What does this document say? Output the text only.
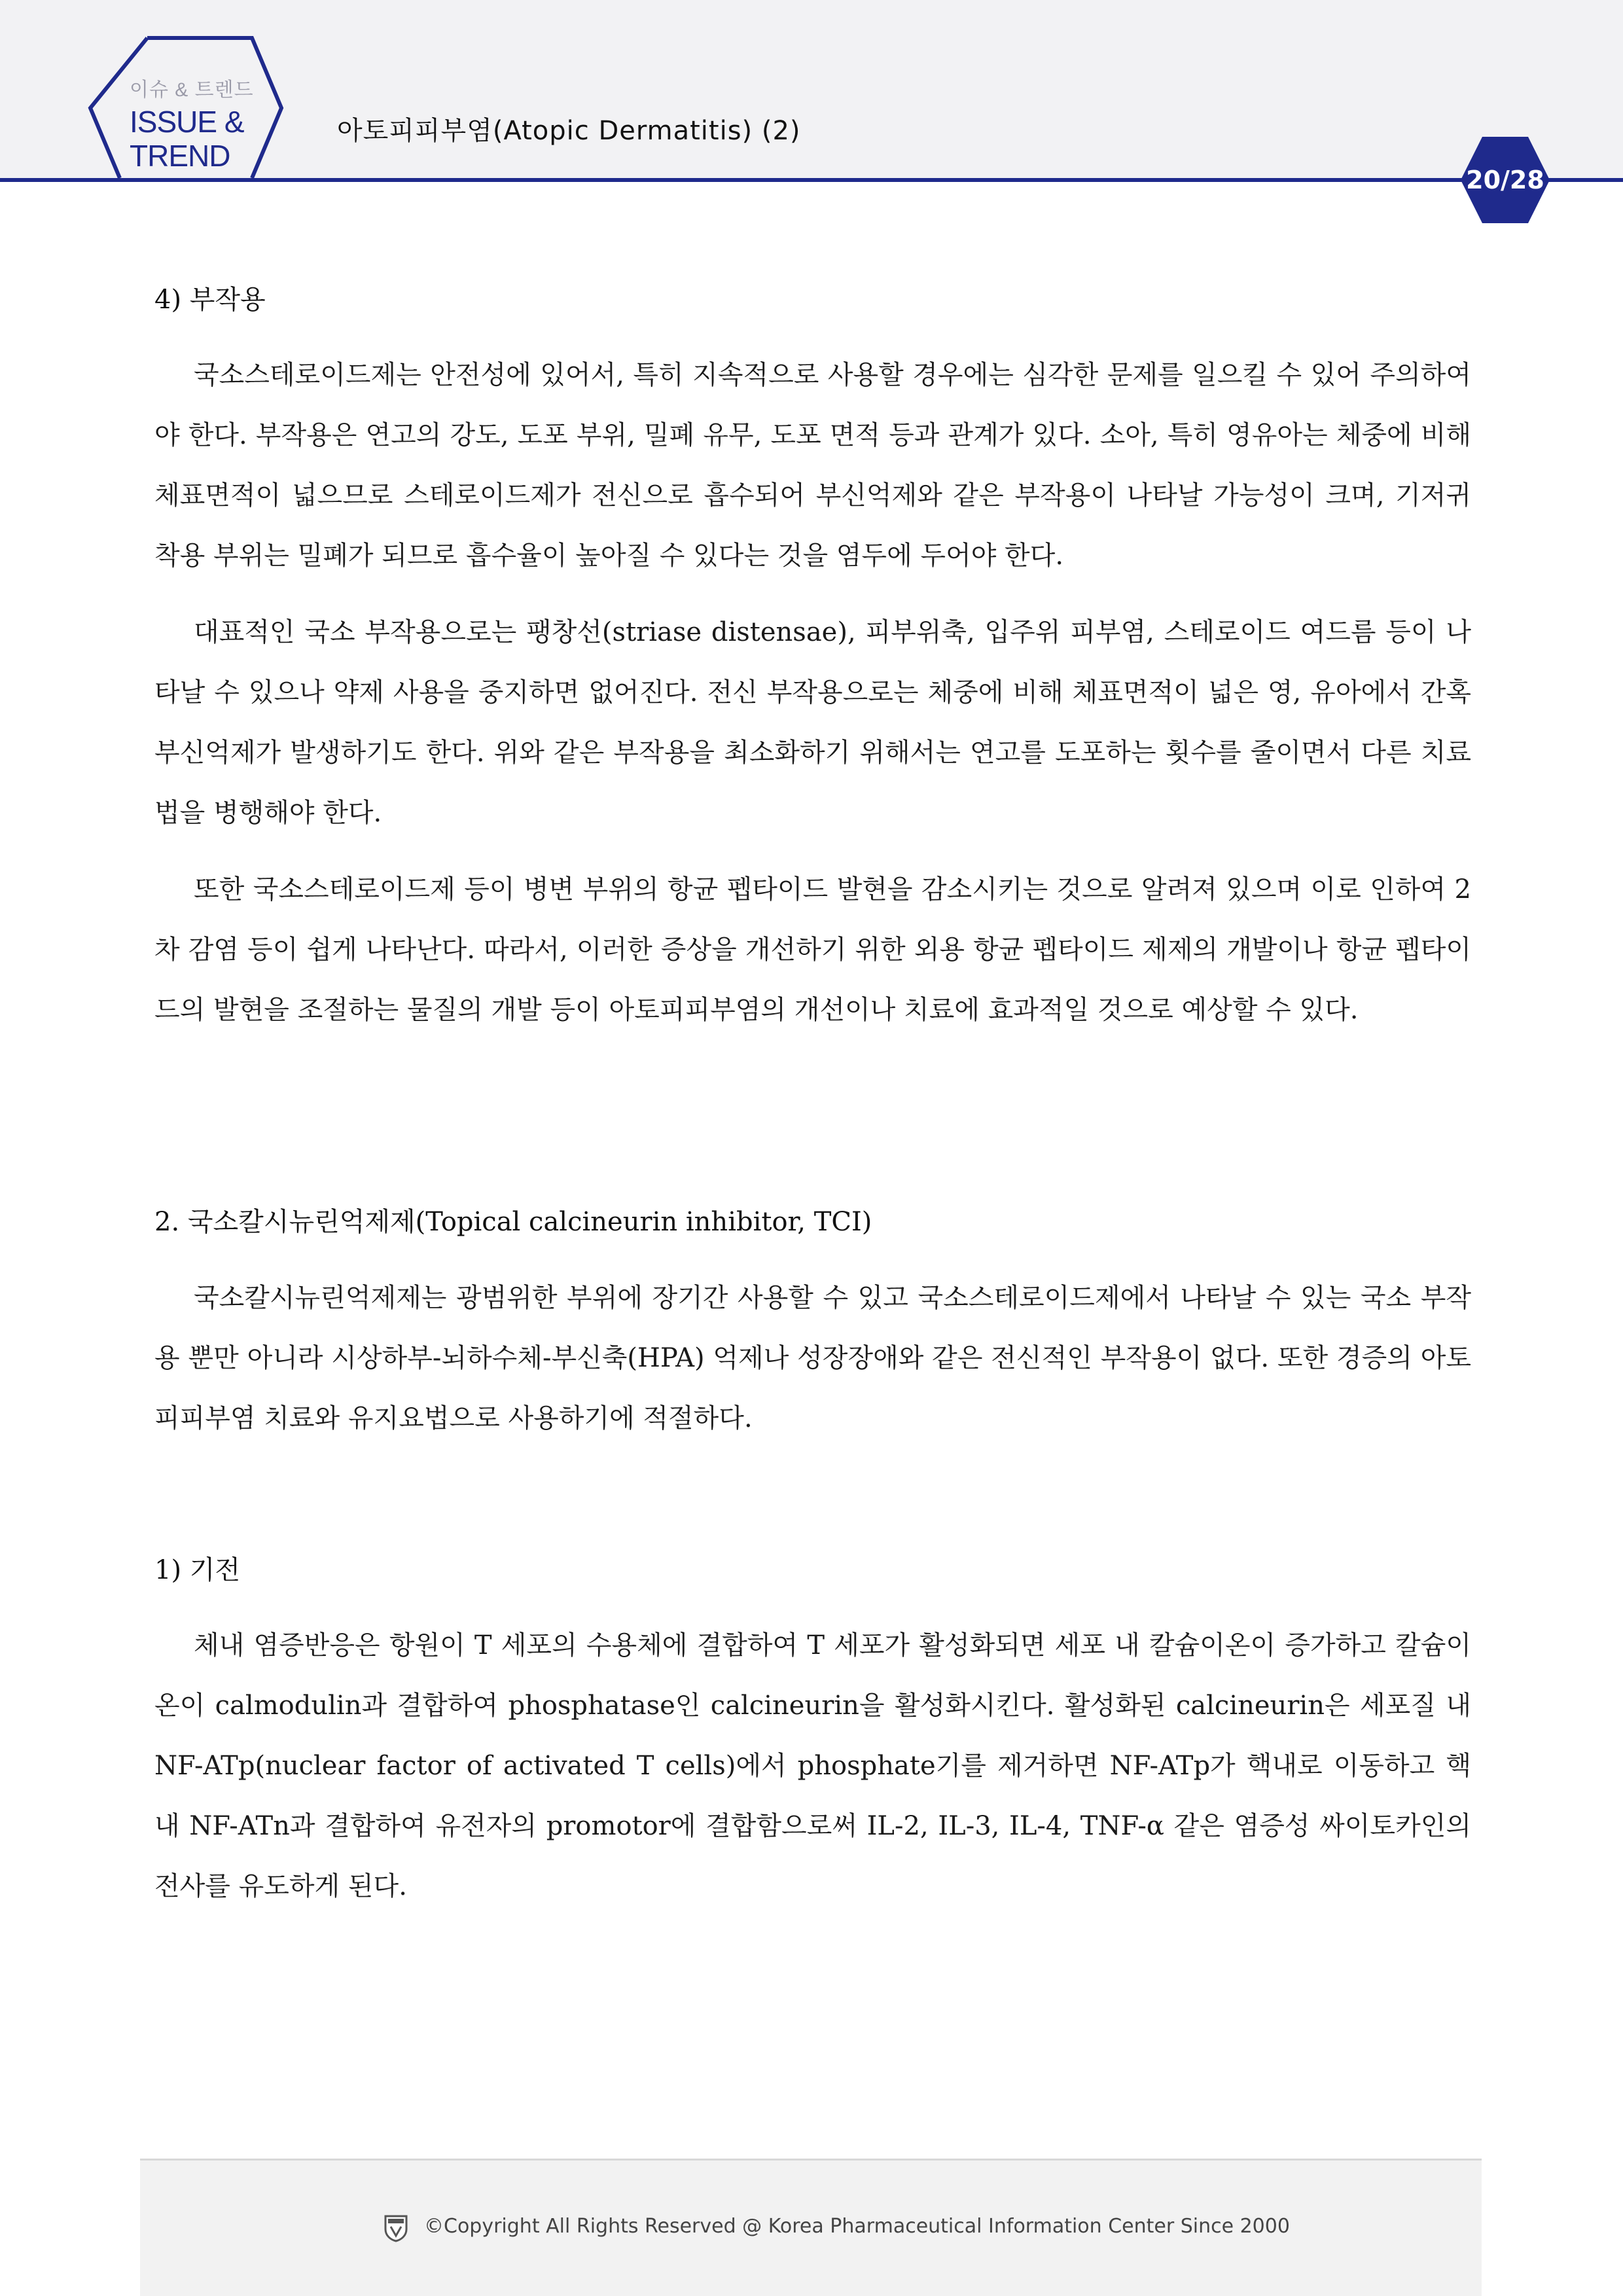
이슈 & 트렌드
ISSUE &
TREND
아토피피부염(Atopic Dermatitis) (2)
20/28
4) 부작용
국소스테로이드제는 안전성에 있어서, 특히 지속적으로 사용할 경우에는 심각한 문제를 일으킬 수 있어 주의하여야 한다. 부작용은 연고의 강도, 도포 부위, 밀폐 유무, 도포 면적 등과 관계가 있다. 소아, 특히 영유아는 체중에 비해 체표면적이 넓으므로 스테로이드제가 전신으로 흡수되어 부신억제와 같은 부작용이 나타날 가능성이 크며, 기저귀 착용 부위는 밀폐가 되므로 흡수율이 높아질 수 있다는 것을 염두에 두어야 한다.
대표적인 국소 부작용으로는 팽창선(striase distensae), 피부위축, 입주위 피부염, 스테로이드 여드름 등이 나타날 수 있으나 약제 사용을 중지하면 없어진다. 전신 부작용으로는 체중에 비해 체표면적이 넓은 영, 유아에서 간혹 부신억제가 발생하기도 한다. 위와 같은 부작용을 최소화하기 위해서는 연고를 도포하는 횟수를 줄이면서 다른 치료법을 병행해야 한다.
또한 국소스테로이드제 등이 병변 부위의 항균 펩타이드 발현을 감소시키는 것으로 알려져 있으며 이로 인하여 2차 감염 등이 쉽게 나타난다. 따라서, 이러한 증상을 개선하기 위한 외용 항균 펩타이드 제제의 개발이나 항균 펩타이드의 발현을 조절하는 물질의 개발 등이 아토피피부염의 개선이나 치료에 효과적일 것으로 예상할 수 있다.
2. 국소칼시뉴린억제제(Topical calcineurin inhibitor, TCI)
국소칼시뉴린억제제는 광범위한 부위에 장기간 사용할 수 있고 국소스테로이드제에서 나타날 수 있는 국소 부작용 뿐만 아니라 시상하부-뇌하수체-부신축(HPA) 억제나 성장장애와 같은 전신적인 부작용이 없다. 또한 경증의 아토피피부염 치료와 유지요법으로 사용하기에 적절하다.
1) 기전
체내 염증반응은 항원이 T 세포의 수용체에 결합하여 T 세포가 활성화되면 세포 내 칼슘이온이 증가하고 칼슘이온이 calmodulin과 결합하여 phosphatase인 calcineurin을 활성화시킨다. 활성화된 calcineurin은 세포질 내 NF-ATp(nuclear factor of activated T cells)에서 phosphate기를 제거하면 NF-ATp가 핵내로 이동하고 핵 내 NF-ATn과 결합하여 유전자의 promotor에 결합함으로써 IL-2, IL-3, IL-4, TNF-α 같은 염증성 싸이토카인의 전사를 유도하게 된다.
©Copyright All Rights Reserved @ Korea Pharmaceutical Information Center Since 2000
